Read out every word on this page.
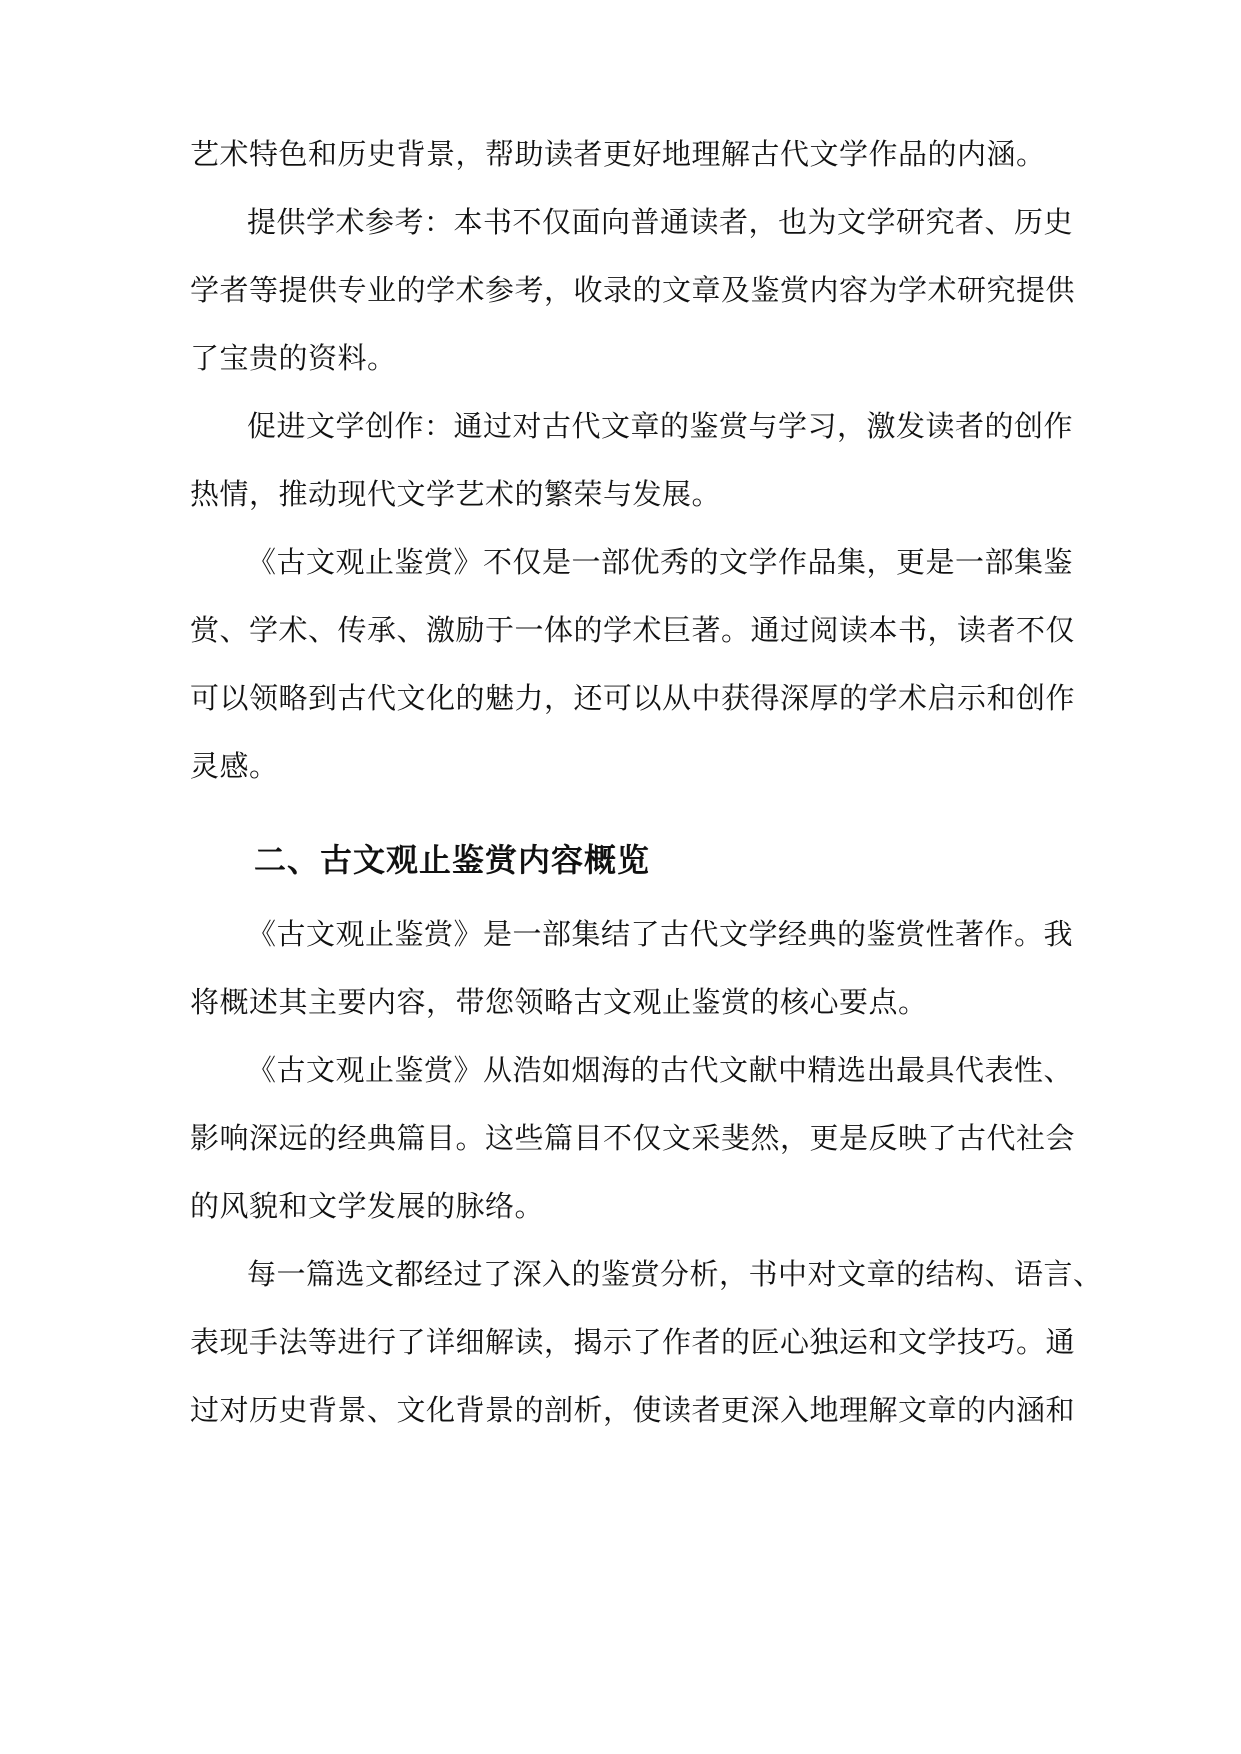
艺术特色和历史背景，帮助读者更好地理解古代文学作品的内涵。
提供学术参考：本书不仅面向普通读者，也为文学研究者、历史
学者等提供专业的学术参考，收录的文章及鉴赏内容为学术研究提供
了宝贵的资料。
促进文学创作：通过对古代文章的鉴赏与学习，激发读者的创作
热情，推动现代文学艺术的繁荣与发展。
《古文观止鉴赏》不仅是一部优秀的文学作品集，更是一部集鉴
赏、学术、传承、激励于一体的学术巨著。通过阅读本书，读者不仅
可以领略到古代文化的魅力，还可以从中获得深厚的学术启示和创作
灵感。
二、古文观止鉴赏内容概览
《古文观止鉴赏》是一部集结了古代文学经典的鉴赏性著作。我
将概述其主要内容，带您领略古文观止鉴赏的核心要点。
《古文观止鉴赏》从浩如烟海的古代文献中精选出最具代表性、
影响深远的经典篇目。这些篇目不仅文采斐然，更是反映了古代社会
的风貌和文学发展的脉络。
每一篇选文都经过了深入的鉴赏分析，书中对文章的结构、语言、
表现手法等进行了详细解读，揭示了作者的匠心独运和文学技巧。通
过对历史背景、文化背景的剖析，使读者更深入地理解文章的内涵和
